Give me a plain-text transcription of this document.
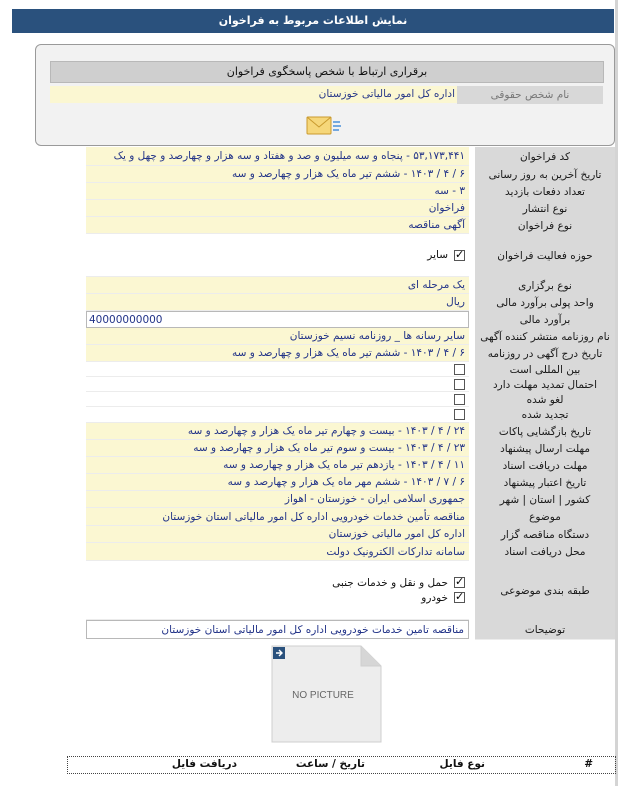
نمایش اطلاعات مربوط به فراخوان
برقراری ارتباط با شخص پاسخگوی فراخوان
نام شخص حقوقی
اداره کل امور مالیاتی خوزستان
کد فراخوان
۵۳,۱۷۳,۴۴۱ - پنجاه و سه میلیون و صد و هفتاد و سه هزار و چهارصد و چهل و یک
تاریخ آخرین به روز رسانی
۶ / ۴ / ۱۴۰۳ - ششم تیر ماه یک هزار و چهارصد و سه
تعداد دفعات بازدید
۳ - سه
نوع انتشار
فراخوان
نوع فراخوان
آگهی مناقصه
حوزه فعالیت فراخوان
✓
سایر
نوع برگزاری
یک مرحله ای
واحد پولی برآورد مالی
ریال
برآورد مالی
40000000000
نام روزنامه منتشر کننده آگهی
سایر رسانه ها _ روزنامه نسیم خوزستان
تاریخ درج آگهی در روزنامه
۶ / ۴ / ۱۴۰۳ - ششم تیر ماه یک هزار و چهارصد و سه
بین المللی است
احتمال تمدید مهلت دارد
لغو شده
تجدید شده
تاریخ بازگشایی پاکات
۲۴ / ۴ / ۱۴۰۳ - بیست و چهارم تیر ماه یک هزار و چهارصد و سه
مهلت ارسال پیشنهاد
۲۳ / ۴ / ۱۴۰۳ - بیست و سوم تیر ماه یک هزار و چهارصد و سه
مهلت دریافت اسناد
۱۱ / ۴ / ۱۴۰۳ - یازدهم تیر ماه یک هزار و چهارصد و سه
تاریخ اعتبار پیشنهاد
۶ / ۷ / ۱۴۰۳ - ششم مهر ماه یک هزار و چهارصد و سه
کشور | استان | شهر
جمهوری اسلامی ایران - خوزستان - اهواز
موضوع
مناقصه تأمین خدمات خودرویی اداره کل امور مالیاتی استان خوزستان
دستگاه مناقصه گزار
اداره کل امور مالیاتی خوزستان
محل دریافت اسناد
سامانه تدارکات الکترونیک دولت
طبقه بندی موضوعی
✓
حمل و نقل و خدمات جنبی
✓
خودرو
توضیحات
مناقصه تامین خدمات خودرویی اداره کل امور مالیاتی استان خوزستان
NO PICTURE
#
نوع فایل
تاریخ / ساعت
دریافت فایل
